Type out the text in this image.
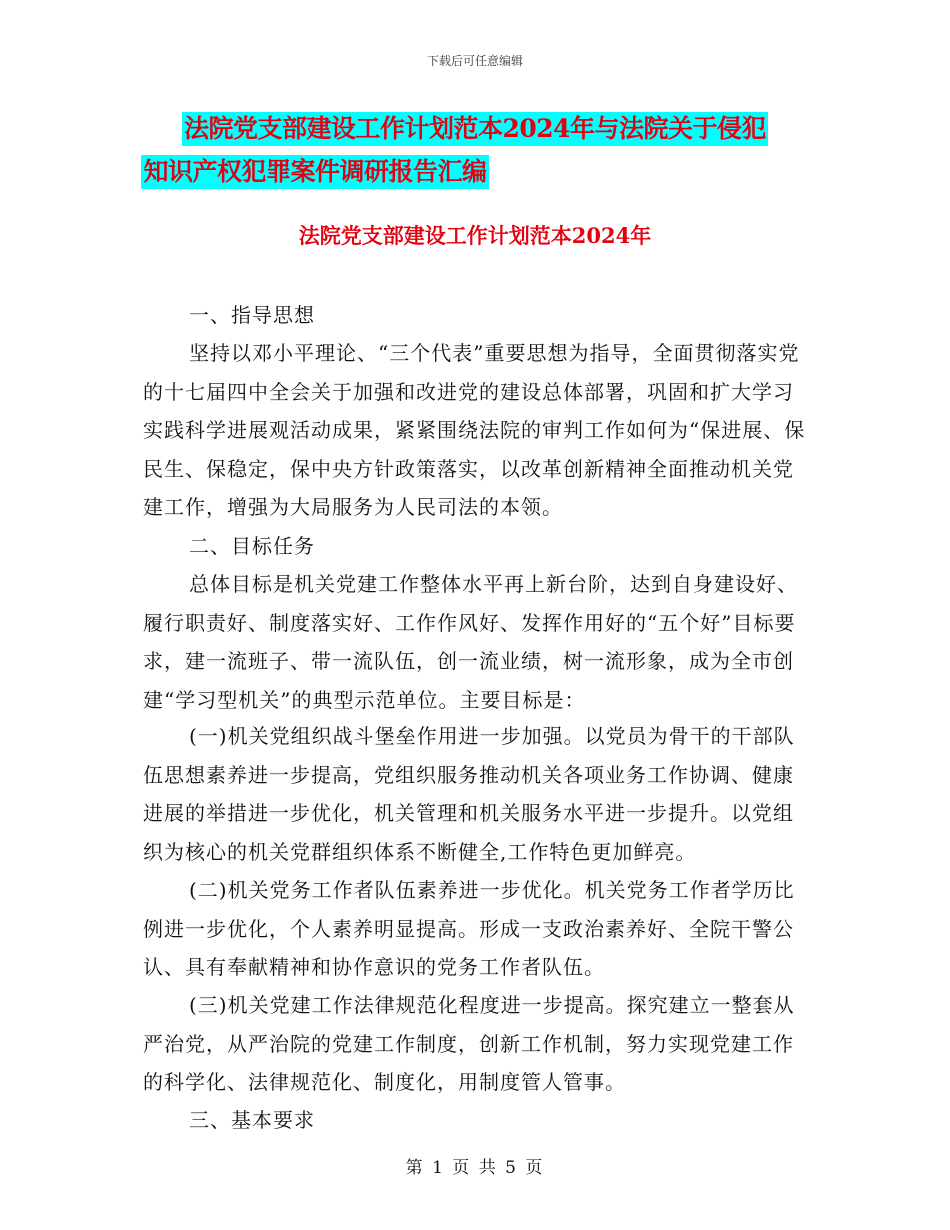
下载后可任意编辑
法院党支部建设工作计划范本2024年与法院关于侵犯
知识产权犯罪案件调研报告汇编
法院党支部建设工作计划范本2024年

一、指导思想

坚持以邓小平理论、“三个代表”重要思想为指导，全面贯彻落实党的十七届四中全会关于加强和改进党的建设总体部署，巩固和扩大学习实践科学进展观活动成果，紧紧围绕法院的审判工作如何为“保进展、保民生、保稳定，保中央方针政策落实，以改革创新精神全面推动机关党建工作，增强为大局服务为人民司法的本领。

二、目标任务

总体目标是机关党建工作整体水平再上新台阶，达到自身建设好、履行职责好、制度落实好、工作作风好、发挥作用好的“五个好”目标要求，建一流班子、带一流队伍，创一流业绩，树一流形象，成为全市创建“学习型机关”的典型示范单位。主要目标是：

(一)机关党组织战斗堡垒作用进一步加强。以党员为骨干的干部队伍思想素养进一步提高，党组织服务推动机关各项业务工作协调、健康进展的举措进一步优化，机关管理和机关服务水平进一步提升。以党组织为核心的机关党群组织体系不断健全,工作特色更加鲜亮。

(二)机关党务工作者队伍素养进一步优化。机关党务工作者学历比例进一步优化，个人素养明显提高。形成一支政治素养好、全院干警公认、具有奉献精神和协作意识的党务工作者队伍。

(三)机关党建工作法律规范化程度进一步提高。探究建立一整套从严治党，从严治院的党建工作制度，创新工作机制，努力实现党建工作的科学化、法律规范化、制度化，用制度管人管事。

三、基本要求

第 1 页 共 5 页
